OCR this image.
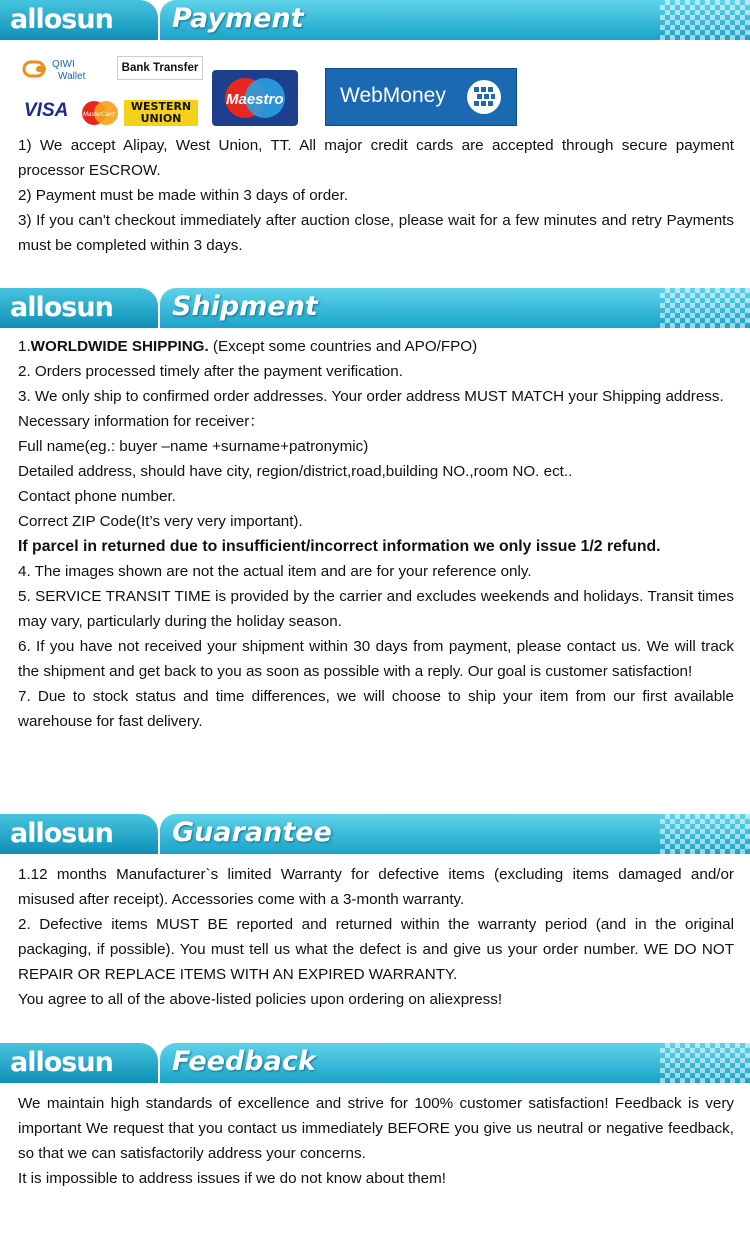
allosun Payment
QIWI
Wallet
Bank Transfer
VISA MasterCard
WESTERN
UNION
Maestro	WebMoney

1) We accept Alipay, West Union, TT. All major credit cards are accepted through secure payment processor ESCROW.

2) Payment must be made within 3 days of order.

3) If you can't checkout immediately after auction close, please wait for a few minutes and retry Payments must be completed within 3 days.

allosun Shipment

1.WORLDWIDE SHIPPING. (Except some countries and APO/FPO)

2. Orders processed timely after the payment verification.

3. We only ship to confirmed order addresses. Your order address MUST MATCH your Shipping address.

Necessary information for receiver：

Full name(eg.: buyer –name +surname+patronymic)

Detailed address, should have city, region/district,road,building NO.,room NO. ect..

Contact phone number.

Correct ZIP Code(It’s very very important).

If parcel in returned due to insufficient/incorrect information we only issue 1/2 refund.

4. The images shown are not the actual item and are for your reference only.

5. SERVICE TRANSIT TIME is provided by the carrier and excludes weekends and holidays. Transit times may vary, particularly during the holiday season.

6. If you have not received your shipment within 30 days from payment, please contact us. We will track the shipment and get back to you as soon as possible with a reply. Our goal is customer satisfaction!

7. Due to stock status and time differences, we will choose to ship your item from our first available warehouse for fast delivery.

allosun Guarantee

1.12 months Manufacturer`s limited Warranty for defective items (excluding items damaged and/or misused after receipt). Accessories come with a 3-month warranty.

2. Defective items MUST BE reported and returned within the warranty period (and in the original packaging, if possible). You must tell us what the defect is and give us your order number. WE DO NOT REPAIR OR REPLACE ITEMS WITH AN EXPIRED WARRANTY.

You agree to all of the above-listed policies upon ordering on aliexpress!

allosun Feedback

We maintain high standards of excellence and strive for 100% customer satisfaction! Feedback is very important We request that you contact us immediately BEFORE you give us neutral or negative feedback, so that we can satisfactorily address your concerns.

It is impossible to address issues if we do not know about them!
